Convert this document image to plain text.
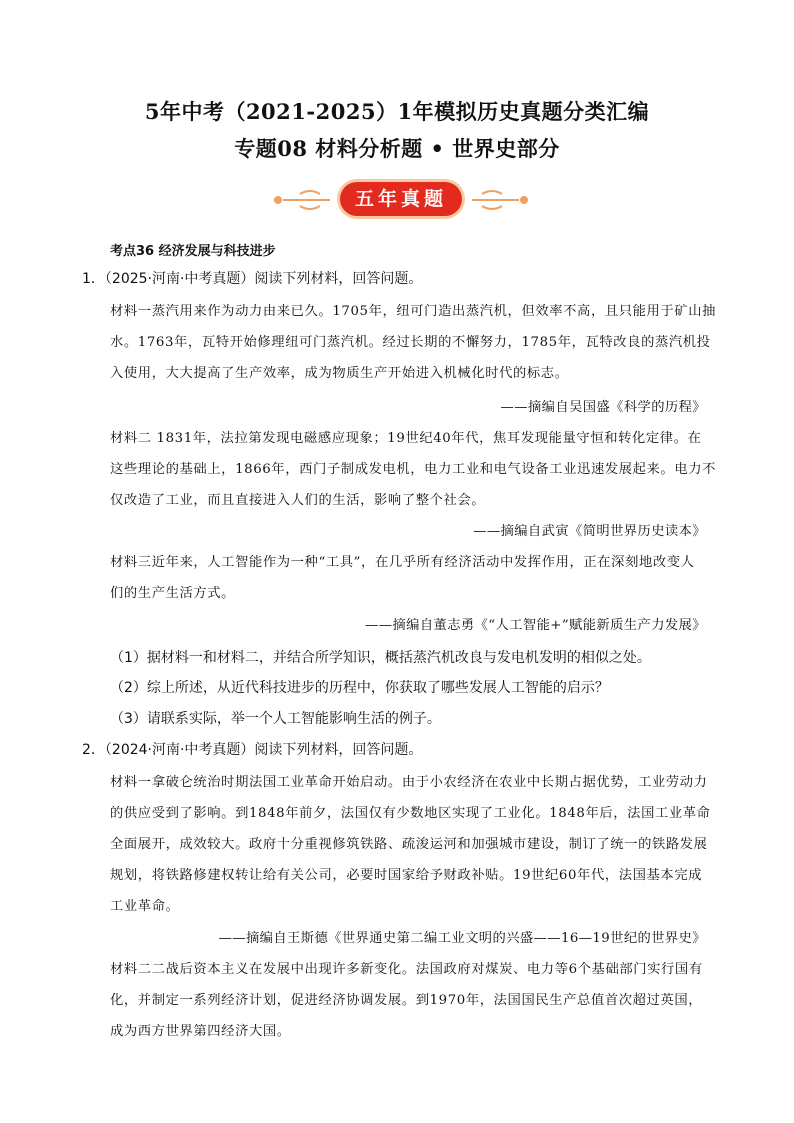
5年中考（2021-2025）1年模拟历史真题分类汇编
专题08 材料分析题 • 世界史部分
五年真题
考点36 经济发展与科技进步
1．（2025·河南·中考真题）阅读下列材料，回答问题。
材料一蒸汽用来作为动力由来已久。1705年，纽可门造出蒸汽机，但效率不高，且只能用于矿山抽
水。1763年，瓦特开始修理纽可门蒸汽机。经过长期的不懈努力，1785年，瓦特改良的蒸汽机投
入使用，大大提高了生产效率，成为物质生产开始进入机械化时代的标志。
——摘编自吴国盛《科学的历程》
材料二 1831年，法拉第发现电磁感应现象；19世纪40年代，焦耳发现能量守恒和转化定律。在
这些理论的基础上，1866年，西门子制成发电机，电力工业和电气设备工业迅速发展起来。电力不
仅改造了工业，而且直接进入人们的生活，影响了整个社会。
——摘编自武寅《简明世界历史读本》
材料三近年来，人工智能作为一种“工具”，在几乎所有经济活动中发挥作用，正在深刻地改变人
们的生产生活方式。
——摘编自董志勇《“人工智能+”赋能新质生产力发展》
（1）据材料一和材料二，并结合所学知识，概括蒸汽机改良与发电机发明的相似之处。
（2）综上所述，从近代科技进步的历程中，你获取了哪些发展人工智能的启示？
（3）请联系实际，举一个人工智能影响生活的例子。
2．（2024·河南·中考真题）阅读下列材料，回答问题。
材料一拿破仑统治时期法国工业革命开始启动。由于小农经济在农业中长期占据优势，工业劳动力
的供应受到了影响。到1848年前夕，法国仅有少数地区实现了工业化。1848年后，法国工业革命
全面展开，成效较大。政府十分重视修筑铁路、疏浚运河和加强城市建设，制订了统一的铁路发展
规划，将铁路修建权转让给有关公司，必要时国家给予财政补贴。19世纪60年代，法国基本完成
工业革命。
——摘编自王斯德《世界通史第二编工业文明的兴盛——16—19世纪的世界史》
材料二二战后资本主义在发展中出现许多新变化。法国政府对煤炭、电力等6个基础部门实行国有
化，并制定一系列经济计划，促进经济协调发展。到1970年，法国国民生产总值首次超过英国，
成为西方世界第四经济大国。
